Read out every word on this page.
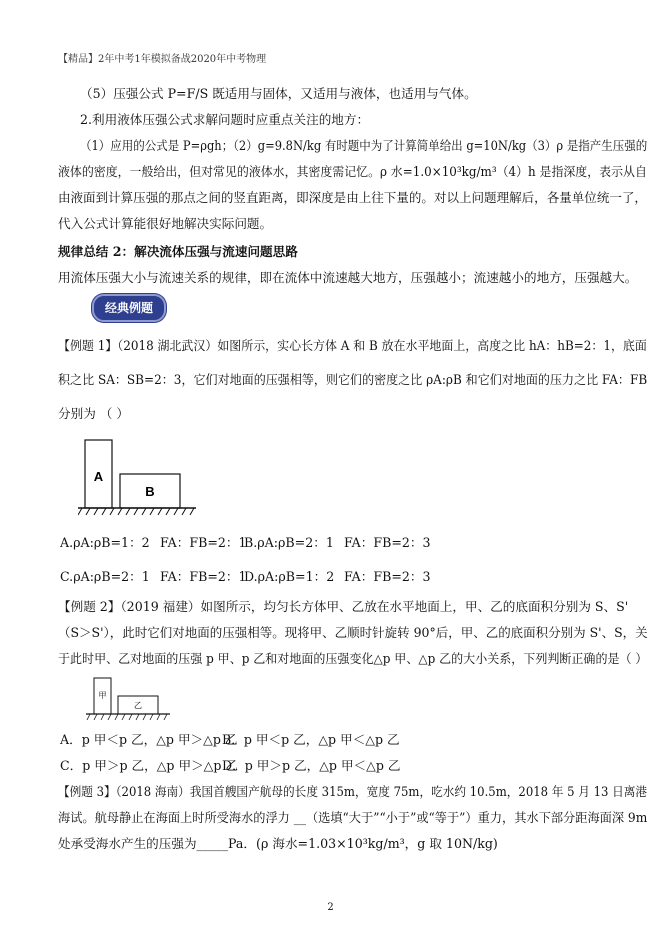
【精品】2年中考1年模拟备战2020年中考物理
（5）压强公式 P=F/S 既适用与固体，又适用与液体，也适用与气体。
2.利用液体压强公式求解问题时应重点关注的地方：
（1）应用的公式是 P=ρgh；（2）g=9.8N/kg 有时题中为了计算简单给出 g=10N/kg（3）ρ 是指产生压强的
液体的密度，一般给出，但对常见的液体水，其密度需记忆。ρ 水=1.0×10³kg/m³（4）h 是指深度，表示从自
由液面到计算压强的那点之间的竖直距离，即深度是由上往下量的。对以上问题理解后，各量单位统一了，
代入公式计算能很好地解决实际问题。
规律总结 2：解决流体压强与流速问题思路
用流体压强大小与流速关系的规律，即在流体中流速越大地方，压强越小；流速越小的地方，压强越大。
经典例题
【例题 1】（2018 湖北武汉）如图所示，实心长方体 A 和 B 放在水平地面上，高度之比 hA：hB=2：1，底面
积之比 SA：SB=2：3，它们对地面的压强相等，则它们的密度之比 ρA:ρB 和它们对地面的压力之比 FA：FB
分别为 （ ）
A
B
A.ρA:ρB=1：2 FA：FB=2：1
B.ρA:ρB=2：1 FA：FB=2：3
C.ρA:ρB=2：1 FA：FB=2：1
D.ρA:ρB=1：2 FA：FB=2：3
【例题 2】（2019 福建）如图所示，均匀长方体甲、乙放在水平地面上，甲、乙的底面积分别为 S、S'
（S＞S'），此时它们对地面的压强相等。现将甲、乙顺时针旋转 90°后，甲、乙的底面积分别为 S'、S，关
于此时甲、乙对地面的压强 p 甲、p 乙和对地面的压强变化△p 甲、△p 乙的大小关系，下列判断正确的是（ ）
甲
乙
A．p 甲＜p 乙，△p 甲＞△p 乙
B．p 甲＜p 乙，△p 甲＜△p 乙
C．p 甲＞p 乙，△p 甲＞△p 乙
D．p 甲＞p 乙，△p 甲＜△p 乙
【例题 3】（2018 海南）我国首艘国产航母的长度 315m，宽度 75m，吃水约 10.5m，2018 年 5 月 13 日离港
海试。航母静止在海面上时所受海水的浮力 __（选填“大于”“小于”或“等于”）重力，其水下部分距海面深 9m
处承受海水产生的压强为_____Pa．(ρ 海水=1.03×10³kg/m³，g 取 10N/kg)
2
